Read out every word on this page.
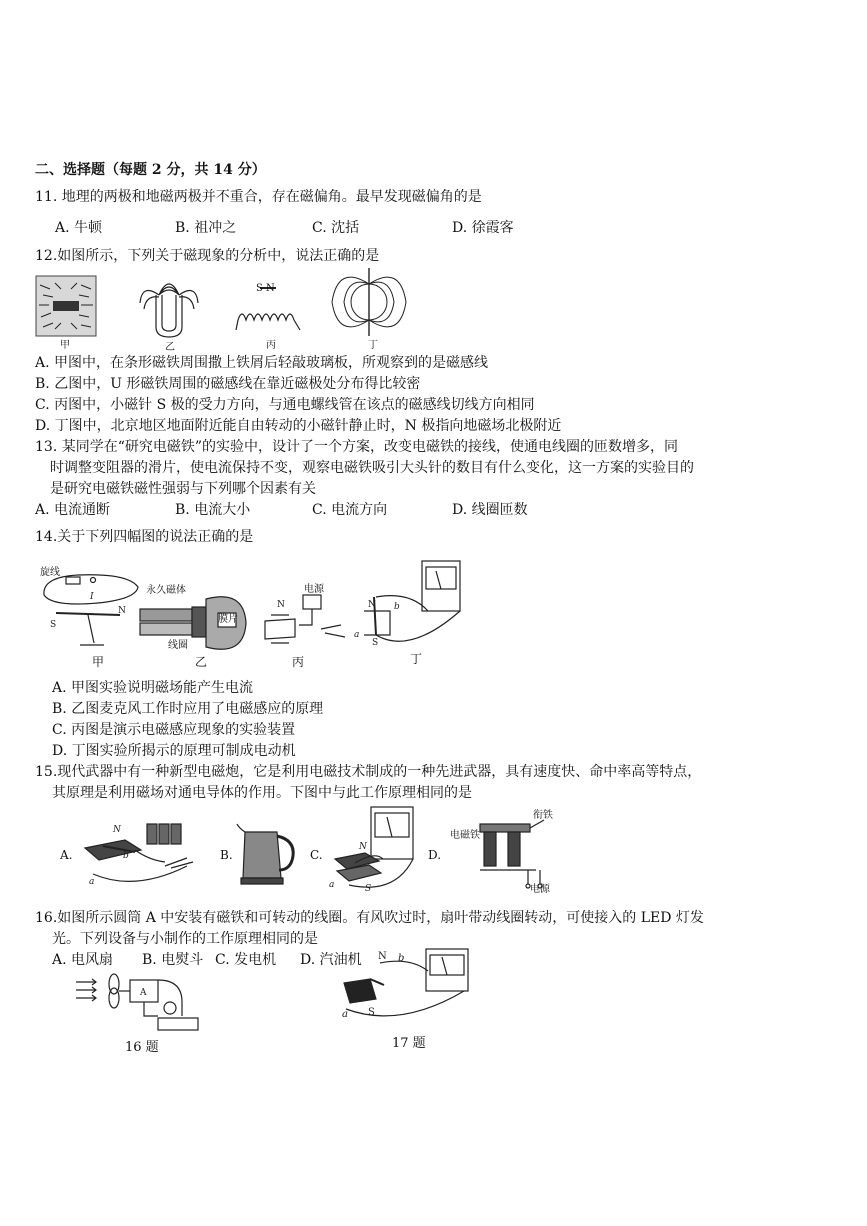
二、选择题（每题 2 分，共 14 分）
11. 地理的两极和地磁两极并不重合，存在磁偏角。最早发现磁偏角的是
A. 牛顿	B. 祖冲之	C. 沈括	D. 徐霞客
12.如图所示，下列关于磁现象的分析中，说法正确的是
甲	乙
S N
丙	丁
A. 甲图中，在条形磁铁周围撒上铁屑后轻敲玻璃板，所观察到的是磁感线
B. 乙图中，U 形磁铁周围的磁感线在靠近磁极处分布得比较密
C. 丙图中，小磁针 S 极的受力方向，与通电螺线管在该点的磁感线切线方向相同
D. 丁图中，北京地区地面附近能自由转动的小磁针静止时，N 极指向地磁场北极附近
13. 某同学在“研究电磁铁”的实验中，设计了一个方案，改变电磁铁的接线，使通电线圈的匝数增多，同
时调整变阻器的滑片，使电流保持不变，观察电磁铁吸引大头针的数目有什么变化，这一方案的实验目的
是研究电磁铁磁性强弱与下列哪个因素有关
A. 电流通断	B. 电流大小	C. 电流方向	D. 线圈匝数
14.关于下列四幅图的说法正确的是
I
S
N
旋线
甲
永久磁体
膜片
线圈
乙
N
电源
丙
N
S
b
a
丁
A. 甲图实验说明磁场能产生电流
B. 乙图麦克风工作时应用了电磁感应的原理
C. 丙图是演示电磁感应现象的实验装置
D. 丁图实验所揭示的原理可制成电动机
15.现代武器中有一种新型电磁炮，它是利用电磁技术制成的一种先进武器，具有速度快、命中率高等特点，
其原理是利用磁场对通电导体的作用。下图中与此工作原理相同的是
A.
N
b
a
B.	C.
N
S
a
D.
电磁铁
衔铁
电源
16.如图所示圆筒 A 中安装有磁铁和可转动的线圈。有风吹过时，扇叶带动线圈转动，可使接入的 LED 灯发
光。下列设备与小制作的工作原理相同的是
A. 电风扇 B. 电熨斗 C. 发电机 D. 汽油机
A
16 题
N b
S
a
17 题
